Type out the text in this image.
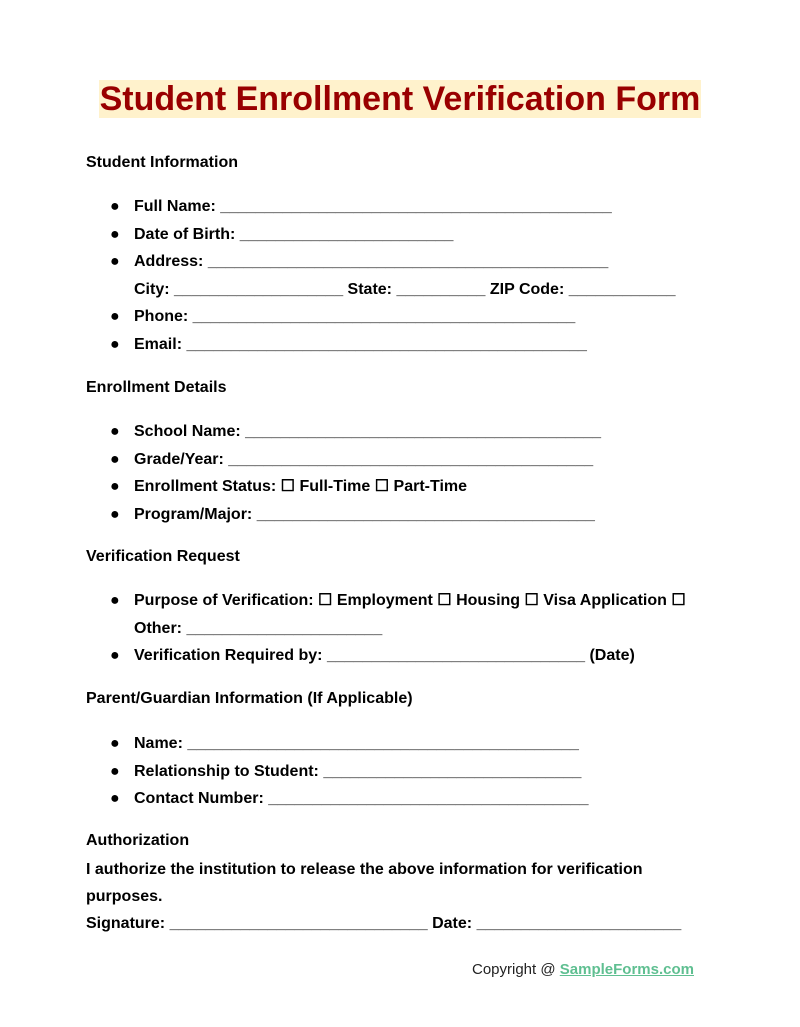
Student Enrollment Verification Form
Student Information
● Full Name: ____________________________________________
● Date of Birth: ________________________
● Address: _____________________________________________
City: ___________________ State: __________ ZIP Code: ____________
● Phone: ___________________________________________
● Email: _____________________________________________
Enrollment Details
● School Name: ________________________________________
● Grade/Year: _________________________________________
● Enrollment Status: ☐ Full-Time ☐ Part-Time
● Program/Major: ______________________________________
Verification Request
● Purpose of Verification: ☐ Employment ☐ Housing ☐ Visa Application ☐
Other: ______________________
● Verification Required by: _____________________________ (Date)
Parent/Guardian Information (If Applicable)
● Name: ____________________________________________
● Relationship to Student: _____________________________
● Contact Number: ____________________________________
Authorization
I authorize the institution to release the above information for verification purposes.
Signature: _____________________________ Date: _______________________
Copyright @ SampleForms.com
